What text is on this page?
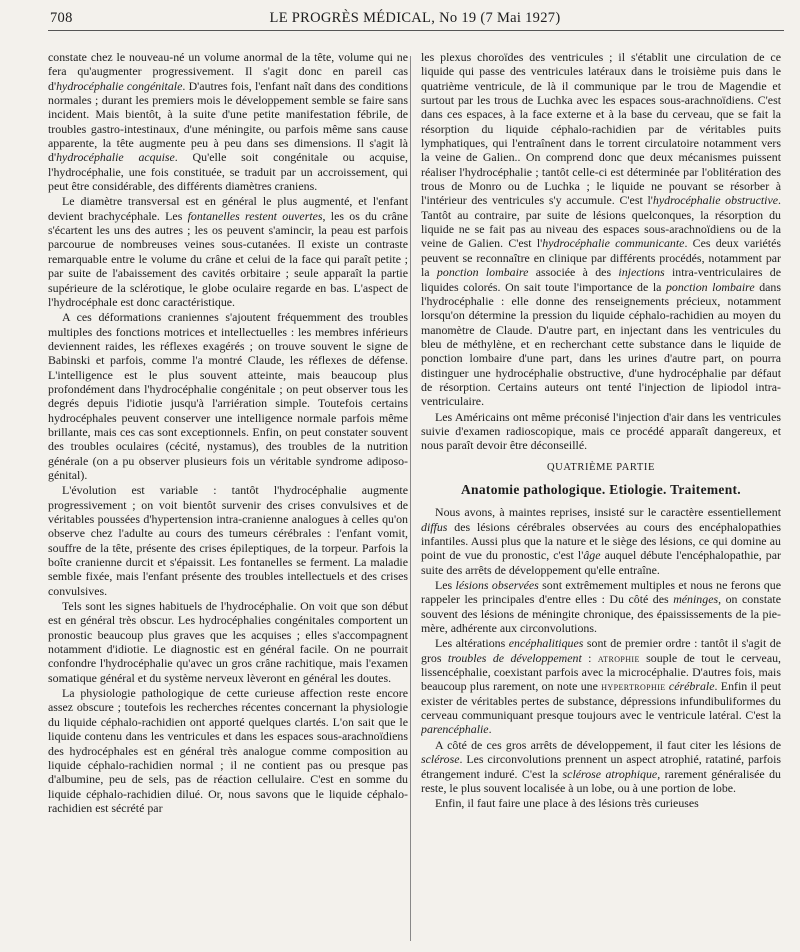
708	LE PROGRÈS MÉDICAL, No 19 (7 Mai 1927)

constate chez le nouveau-né un volume anormal de la tête, volume qui ne fera qu'augmenter progressivement. Il s'agit donc en pareil cas d'hydrocéphalie congénitale. D'autres fois, l'enfant naît dans des conditions normales ; durant les premiers mois le développement semble se faire sans incident. Mais bientôt, à la suite d'une petite manifestation fébrile, de troubles gastro-intestinaux, d'une méningite, ou parfois même sans cause apparente, la tête augmente peu à peu dans ses dimensions. Il s'agit là d'hydrocéphalie acquise. Qu'elle soit congénitale ou acquise, l'hydrocéphalie, une fois constituée, se traduit par un accroissement, qui peut être considérable, des différents diamètres craniens.

Le diamètre transversal est en général le plus augmenté, et l'enfant devient brachycéphale. Les fontanelles restent ouvertes, les os du crâne s'écartent les uns des autres ; les os peuvent s'amincir, la peau est parfois parcourue de nombreuses veines sous-cutanées. Il existe un contraste remarquable entre le volume du crâne et celui de la face qui paraît petite ; par suite de l'abaissement des cavités orbitaire ; seule apparaît la partie supérieure de la sclérotique, le globe oculaire regarde en bas. L'aspect de l'hydrocéphale est donc caractéristique.

A ces déformations craniennes s'ajoutent fréquemment des troubles multiples des fonctions motrices et intellectuelles : les membres inférieurs deviennent raides, les réflexes exagérés ; on trouve souvent le signe de Babinski et parfois, comme l'a montré Claude, les réflexes de défense. L'intelligence est le plus souvent atteinte, mais beaucoup plus profondément dans l'hydrocéphalie congénitale ; on peut observer tous les degrés depuis l'idiotie jusqu'à l'arriération simple. Toutefois certains hydrocéphales peuvent conserver une intelligence normale parfois même brillante, mais ces cas sont exceptionnels. Enfin, on peut constater souvent des troubles oculaires (cécité, nystamus), des troubles de la nutrition générale (on a pu observer plusieurs fois un véritable syndrome adiposo-génital).

L'évolution est variable : tantôt l'hydrocéphalie augmente progressivement ; on voit bientôt survenir des crises convulsives et de véritables poussées d'hypertension intra-cranienne analogues à celles qu'on observe chez l'adulte au cours des tumeurs cérébrales : l'enfant vomit, souffre de la tête, présente des crises épileptiques, de la torpeur. Parfois la boîte cranienne durcit et s'épaissit. Les fontanelles se ferment. La maladie semble fixée, mais l'enfant présente des troubles intellectuels et des crises convulsives.

Tels sont les signes habituels de l'hydrocéphalie. On voit que son début est en général très obscur. Les hydrocéphalies congénitales comportent un pronostic beaucoup plus graves que les acquises ; elles s'accompagnent notamment d'idiotie. Le diagnostic est en général facile. On ne pourrait confondre l'hydrocéphalie qu'avec un gros crâne rachitique, mais l'examen somatique général et du système nerveux lèveront en général les doutes.

La physiologie pathologique de cette curieuse affection reste encore assez obscure ; toutefois les recherches récentes concernant la physiologie du liquide céphalo-rachidien ont apporté quelques clartés. L'on sait que le liquide contenu dans les ventricules et dans les espaces sous-arachnoïdiens des hydrocéphales est en général très analogue comme composition au liquide céphalo-rachidien normal ; il ne contient pas ou presque pas d'albumine, peu de sels, pas de réaction cellulaire. C'est en somme du liquide céphalo-rachidien dilué. Or, nous savons que le liquide céphalo-rachidien est sécrété par

les plexus choroïdes des ventricules ; il s'établit une circulation de ce liquide qui passe des ventricules latéraux dans le troisième puis dans le quatrième ventricule, de là il communique par le trou de Magendie et surtout par les trous de Luchka avec les espaces sous-arachnoïdiens. C'est dans ces espaces, à la face externe et à la base du cerveau, que se fait la résorption du liquide céphalo-rachidien par de véritables puits lymphatiques, qui l'entraînent dans le torrent circulatoire notamment vers la veine de Galien.. On comprend donc que deux mécanismes puissent réaliser l'hydrocéphalie ; tantôt celle-ci est déterminée par l'oblitération des trous de Monro ou de Luchka ; le liquide ne pouvant se résorber à l'intérieur des ventricules s'y accumule. C'est l'hydrocéphalie obstructive. Tantôt au contraire, par suite de lésions quelconques, la résorption du liquide ne se fait pas au niveau des espaces sous-arachnoïdiens ou de la veine de Galien. C'est l'hydrocéphalie communicante. Ces deux variétés peuvent se reconnaître en clinique par différents procédés, notamment par la ponction lombaire associée à des injections intra-ventriculaires de liquides colorés. On sait toute l'importance de la ponction lombaire dans l'hydrocéphalie : elle donne des renseignements précieux, notamment lorsqu'on détermine la pression du liquide céphalo-rachidien au moyen du manomètre de Claude. D'autre part, en injectant dans les ventricules du bleu de méthylène, et en recherchant cette substance dans le liquide de ponction lombaire d'une part, dans les urines d'autre part, on pourra distinguer une hydrocéphalie obstructive, d'une hydrocéphalie par défaut de résorption. Certains auteurs ont tenté l'injection de lipiodol intra-ventriculaire.

Les Américains ont même préconisé l'injection d'air dans les ventricules suivie d'examen radioscopique, mais ce procédé apparaît dangereux, et nous paraît devoir être déconseillé.

QUATRIÈME PARTIE
Anatomie pathologique. Etiologie. Traitement.

Nous avons, à maintes reprises, insisté sur le caractère essentiellement diffus des lésions cérébrales observées au cours des encéphalopathies infantiles. Aussi plus que la nature et le siège des lésions, ce qui domine au point de vue du pronostic, c'est l'âge auquel débute l'encéphalopathie, par suite des arrêts de développement qu'elle entraîne.

Les lésions observées sont extrêmement multiples et nous ne ferons que rappeler les principales d'entre elles : Du côté des méninges, on constate souvent des lésions de méningite chronique, des épaississements de la pie-mère, adhérente aux circonvolutions.

Les altérations encéphalitiques sont de premier ordre : tantôt il s'agit de gros troubles de développement : atrophie souple de tout le cerveau, lissencéphalie, coexistant parfois avec la microcéphalie. D'autres fois, mais beaucoup plus rarement, on note une hypertrophie cérébrale. Enfin il peut exister de véritables pertes de substance, dépressions infundibuliformes du cerveau communiquant presque toujours avec le ventricule latéral. C'est la parencéphalie.

A côté de ces gros arrêts de développement, il faut citer les lésions de sclérose. Les circonvolutions prennent un aspect atrophié, ratatiné, parfois étrangement induré. C'est la sclérose atrophique, rarement généralisée du reste, le plus souvent localisée à un lobe, ou à une portion de lobe.

Enfin, il faut faire une place à des lésions très curieuses
